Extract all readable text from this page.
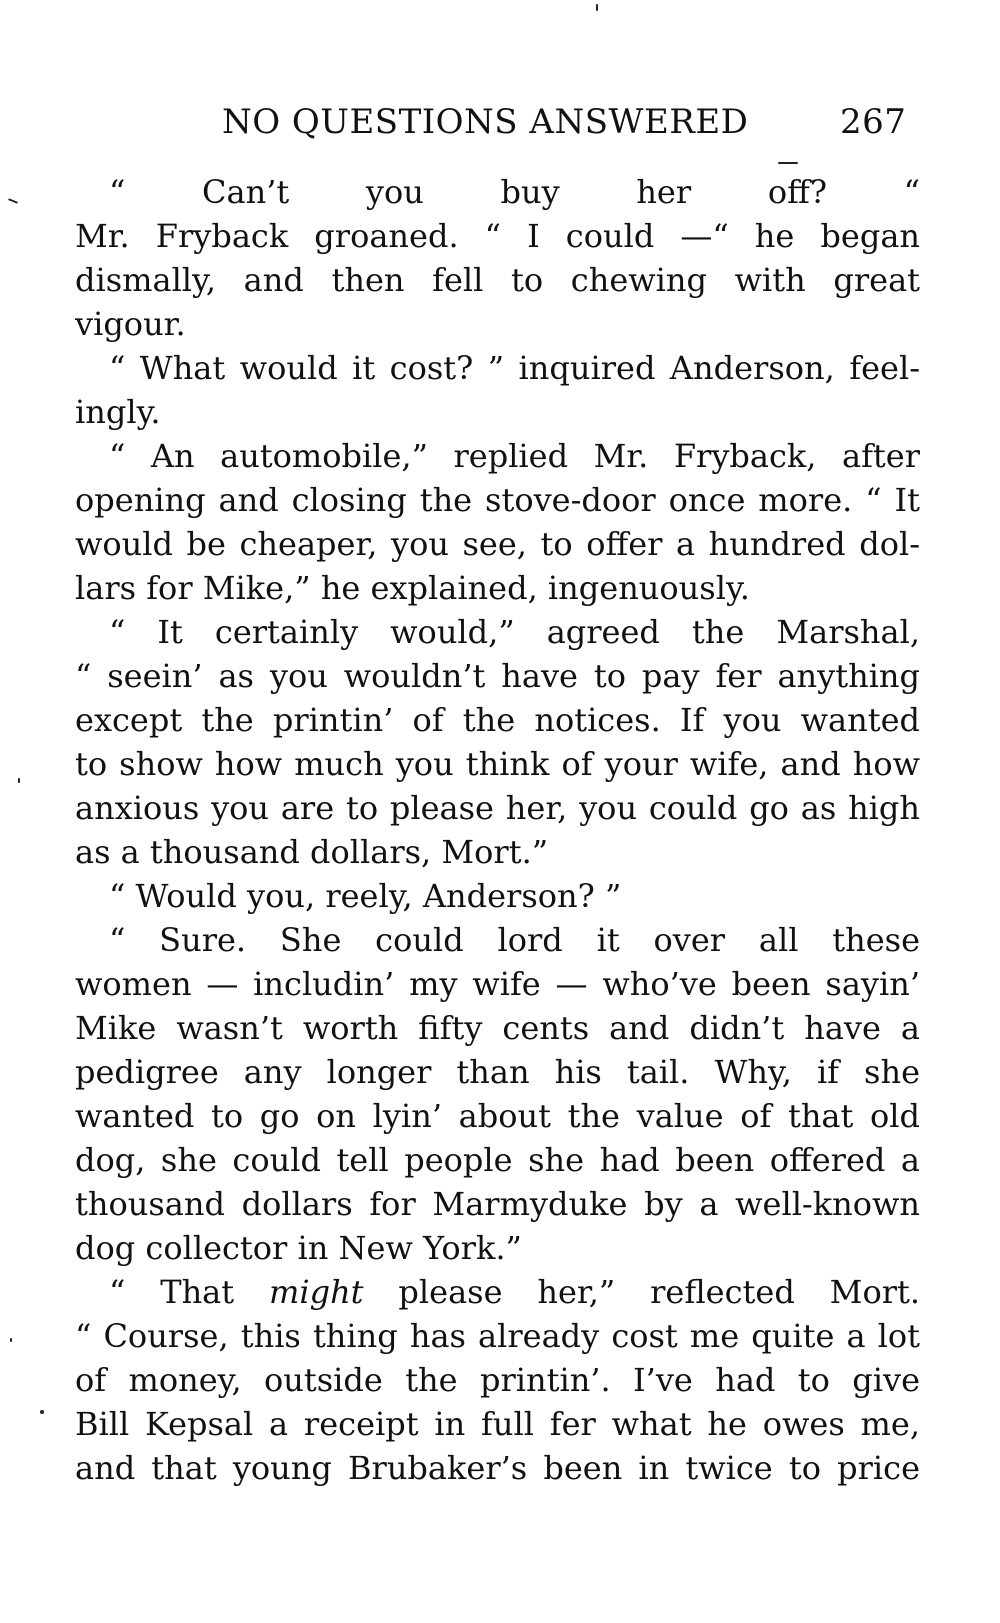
NO QUESTIONS ANSWERED	267
“ Can’t you buy her off? “
Mr. Fryback groaned. “ I could —“ he began
dismally, and then fell to chewing with great
vigour.
“ What would it cost? ” inquired Anderson, feel-
ingly.
“ An automobile,” replied Mr. Fryback, after
opening and closing the stove-door once more. “ It
would be cheaper, you see, to offer a hundred dol-
lars for Mike,” he explained, ingenuously.
“ It certainly would,” agreed the Marshal,
“ seein’ as you wouldn’t have to pay fer anything
except the printin’ of the notices. If you wanted
to show how much you think of your wife, and how
anxious you are to please her, you could go as high
as a thousand dollars, Mort.”
“ Would you, reely, Anderson? ”
“ Sure. She could lord it over all these
women — includin’ my wife — who’ve been sayin’
Mike wasn’t worth fifty cents and didn’t have a
pedigree any longer than his tail. Why, if she
wanted to go on lyin’ about the value of that old
dog, she could tell people she had been offered a
thousand dollars for Marmyduke by a well-known
dog collector in New York.”
“ That might please her,” reflected Mort.
“ Course, this thing has already cost me quite a lot
of money, outside the printin’. I’ve had to give
Bill Kepsal a receipt in full fer what he owes me,
and that young Brubaker’s been in twice to price
